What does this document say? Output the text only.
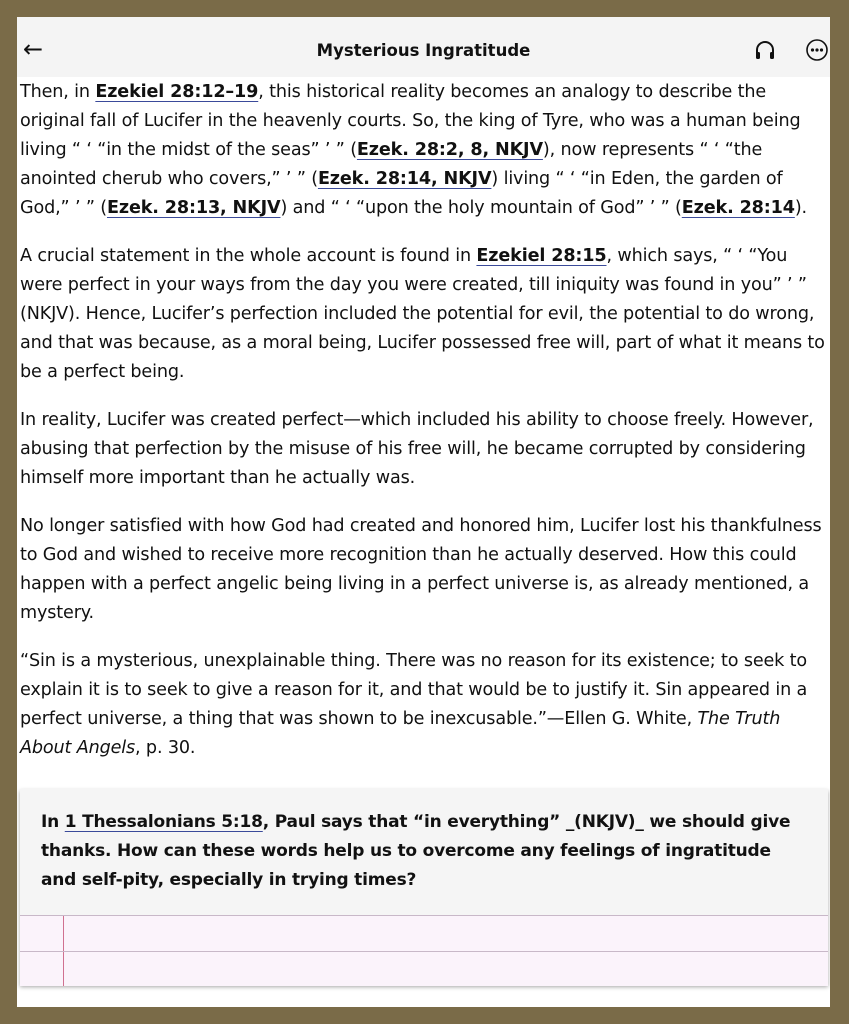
←	Mysterious Ingratitude

Then, in Ezekiel 28:12–19, this historical reality becomes an analogy to describe the original fall of Lucifer in the heavenly courts. So, the king of Tyre, who was a human being living “ ‘ “in the midst of the seas” ’ ” (Ezek. 28:2, 8, NKJV), now represents “ ‘ “the anointed cherub who covers,” ’ ” (Ezek. 28:14, NKJV) living “ ‘ “in Eden, the garden of God,” ’ ” (Ezek. 28:13, NKJV) and “ ‘ “upon the holy mountain of God” ’ ” (Ezek. 28:14).

A crucial statement in the whole account is found in Ezekiel 28:15, which says, “ ‘ “You were perfect in your ways from the day you were created, till iniquity was found in you” ’ ” (NKJV). Hence, Lucifer’s perfection included the potential for evil, the potential to do wrong, and that was because, as a moral being, Lucifer possessed free will, part of what it means to be a perfect being.

In reality, Lucifer was created perfect—which included his ability to choose freely. However, abusing that perfection by the misuse of his free will, he became corrupted by considering himself more important than he actually was.

No longer satisfied with how God had created and honored him, Lucifer lost his thankfulness to God and wished to receive more recognition than he actually deserved. How this could happen with a perfect angelic being living in a perfect universe is, as already mentioned, a mystery.

“Sin is a mysterious, unexplainable thing. There was no reason for its existence; to seek to explain it is to seek to give a reason for it, and that would be to justify it. Sin appeared in a perfect universe, a thing that was shown to be inexcusable.”—Ellen G. White, The Truth About Angels, p. 30.

In 1 Thessalonians 5:18, Paul says that “in everything” _(NKJV)_ we should give thanks. How can these words help us to overcome any feelings of ingratitude and self-pity, especially in trying times?
